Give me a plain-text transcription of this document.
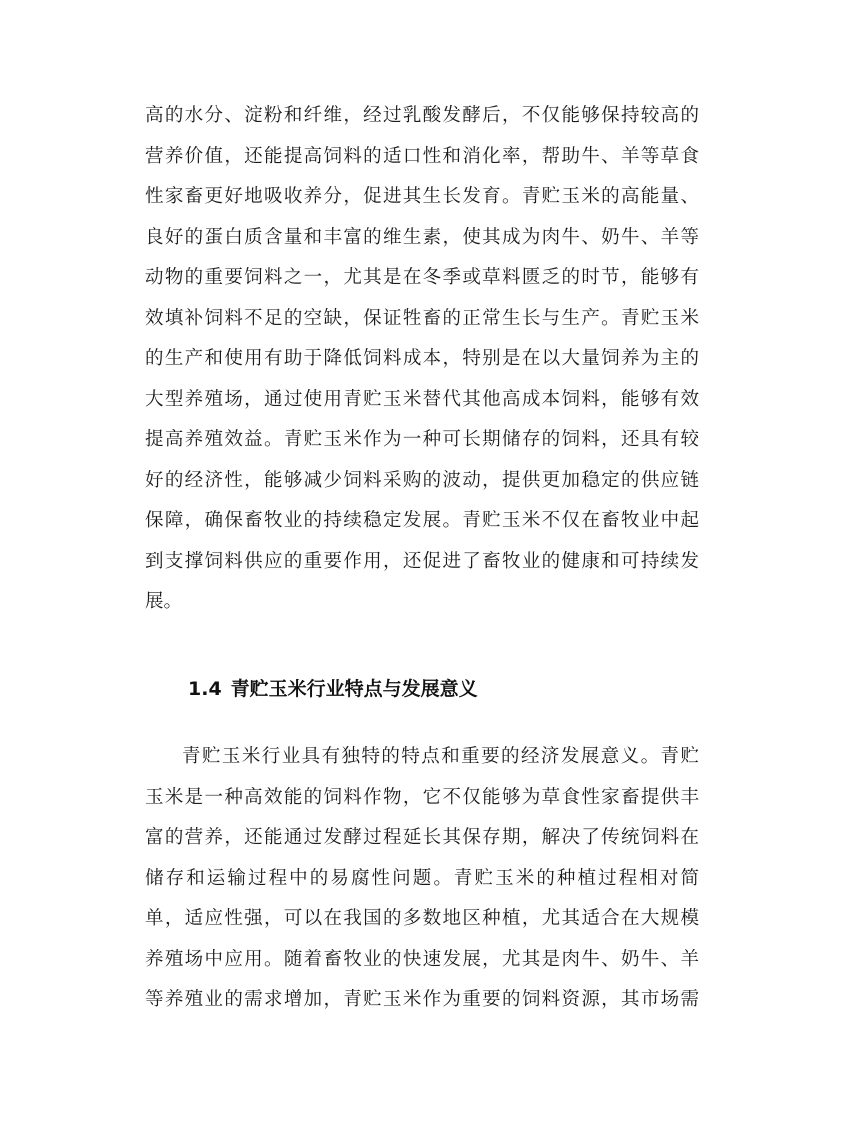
高的水分、淀粉和纤维，经过乳酸发酵后，不仅能够保持较高的
营养价值，还能提高饲料的适口性和消化率，帮助牛、羊等草食
性家畜更好地吸收养分，促进其生长发育。青贮玉米的高能量、
良好的蛋白质含量和丰富的维生素，使其成为肉牛、奶牛、羊等
动物的重要饲料之一，尤其是在冬季或草料匮乏的时节，能够有
效填补饲料不足的空缺，保证牲畜的正常生长与生产。青贮玉米
的生产和使用有助于降低饲料成本，特别是在以大量饲养为主的
大型养殖场，通过使用青贮玉米替代其他高成本饲料，能够有效
提高养殖效益。青贮玉米作为一种可长期储存的饲料，还具有较
好的经济性，能够减少饲料采购的波动，提供更加稳定的供应链
保障，确保畜牧业的持续稳定发展。青贮玉米不仅在畜牧业中起
到支撑饲料供应的重要作用，还促进了畜牧业的健康和可持续发
展。
1.4 青贮玉米行业特点与发展意义
青贮玉米行业具有独特的特点和重要的经济发展意义。青贮
玉米是一种高效能的饲料作物，它不仅能够为草食性家畜提供丰
富的营养，还能通过发酵过程延长其保存期，解决了传统饲料在
储存和运输过程中的易腐性问题。青贮玉米的种植过程相对简
单，适应性强，可以在我国的多数地区种植，尤其适合在大规模
养殖场中应用。随着畜牧业的快速发展，尤其是肉牛、奶牛、羊
等养殖业的需求增加，青贮玉米作为重要的饲料资源，其市场需
